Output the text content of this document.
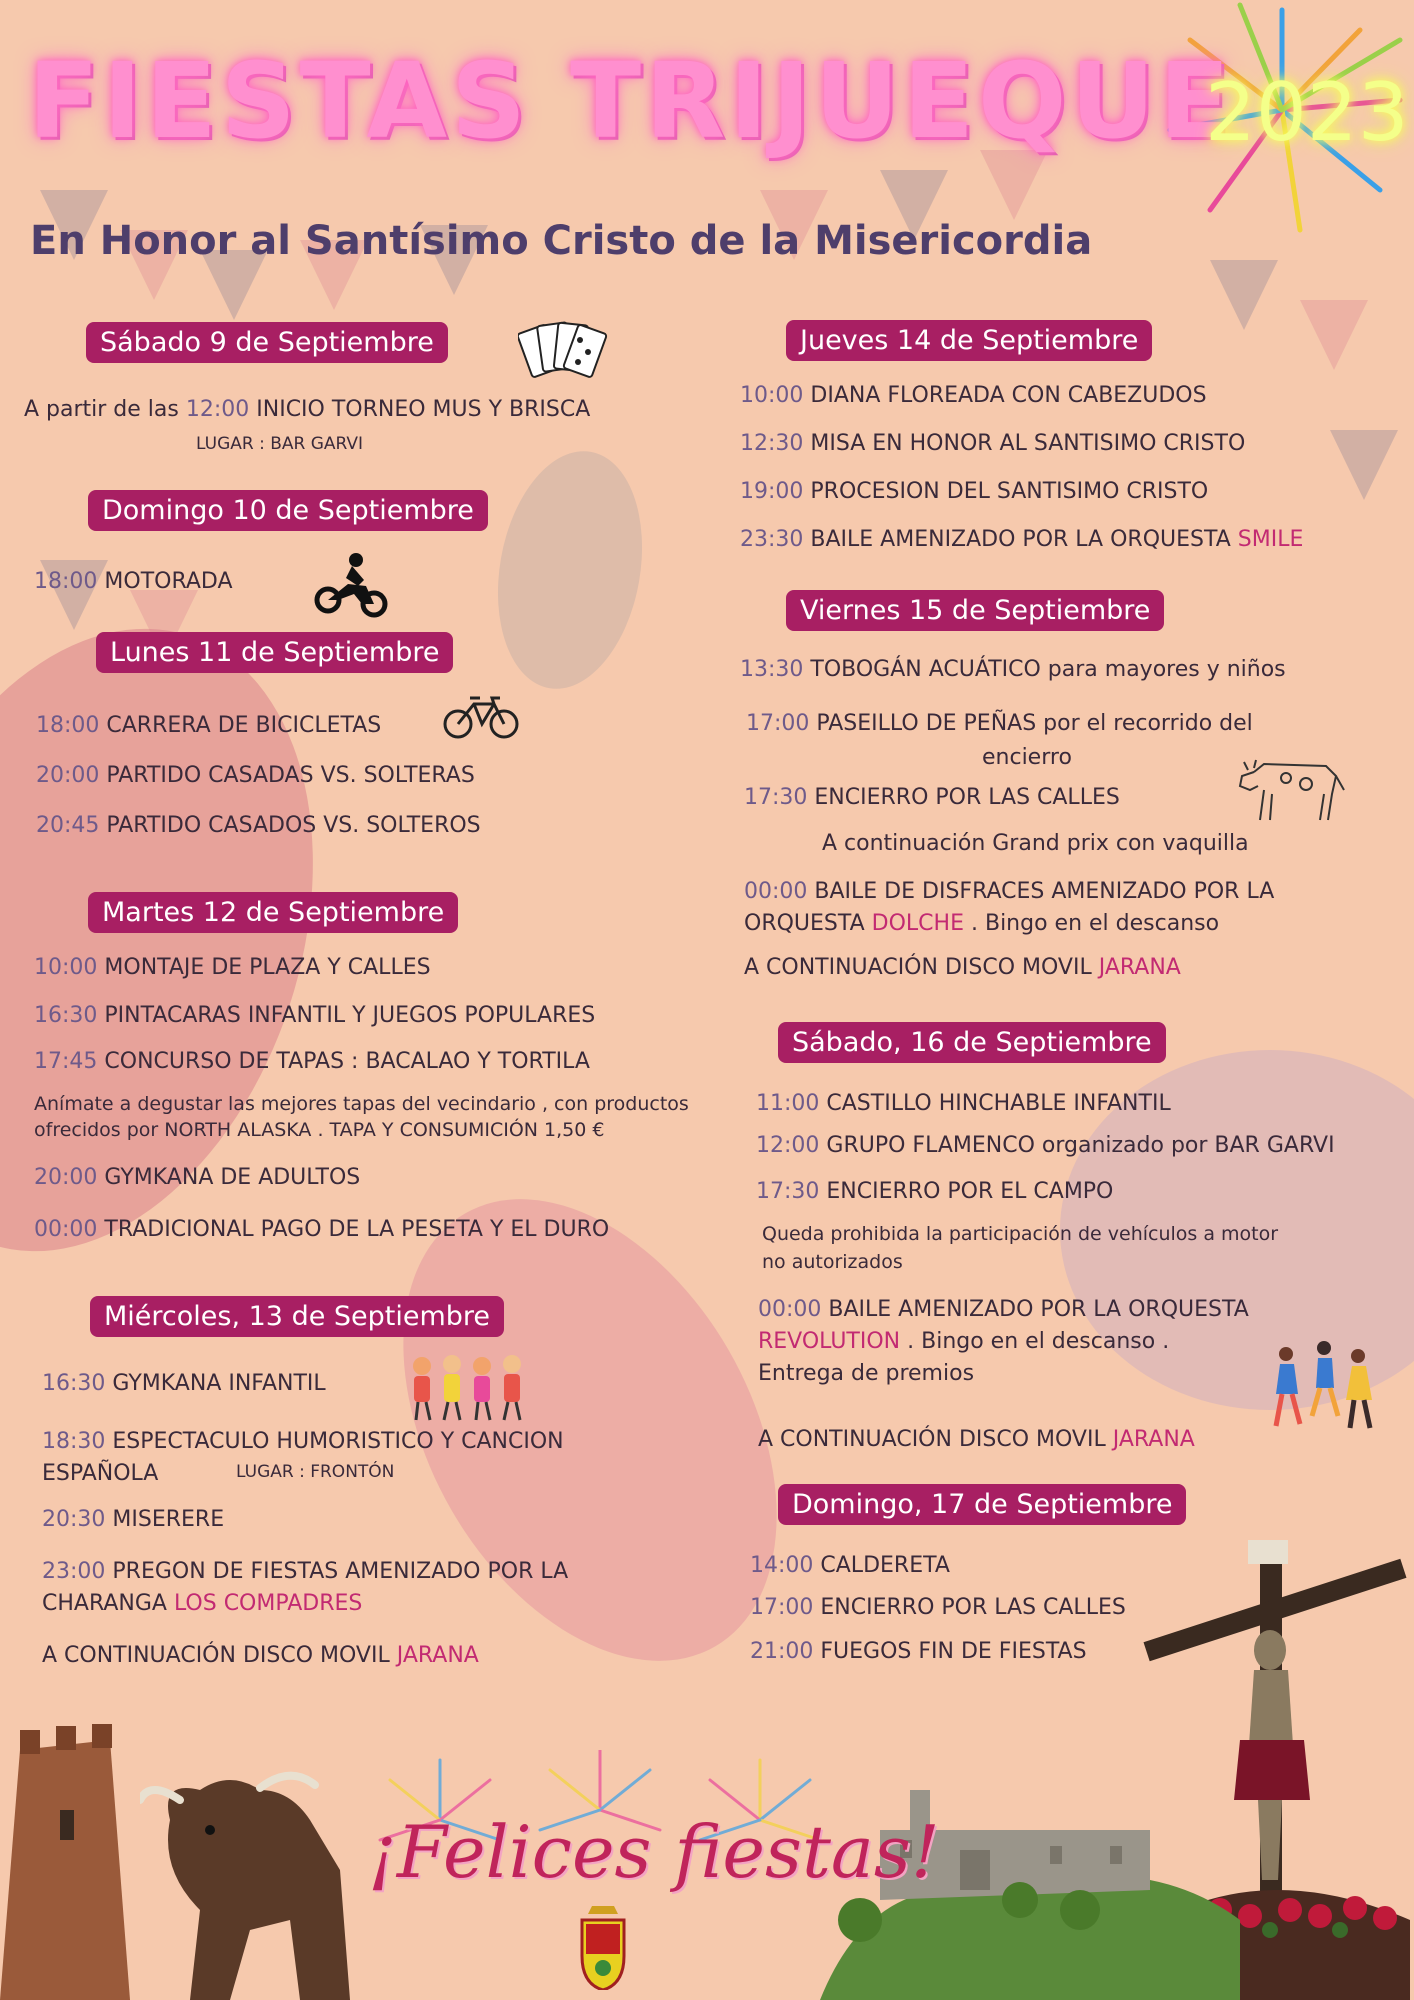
FIESTAS TRIJUEQUE
2023
En Honor al Santísimo Cristo de la Misericordia
Sábado 9 de Septiembre
A partir de las 12:00 INICIO TORNEO MUS Y BRISCA
LUGAR : BAR GARVI
Domingo 10 de Septiembre
18:00 MOTORADA
Lunes 11 de Septiembre
18:00 CARRERA DE BICICLETAS
20:00 PARTIDO CASADAS VS. SOLTERAS
20:45 PARTIDO CASADOS VS. SOLTEROS
Martes 12 de Septiembre
10:00 MONTAJE DE PLAZA Y CALLES
16:30 PINTACARAS INFANTIL Y JUEGOS POPULARES
17:45 CONCURSO DE TAPAS : BACALAO Y TORTILA
Anímate a degustar las mejores tapas del vecindario , con productos
ofrecidos por NORTH ALASKA . TAPA Y CONSUMICIÓN 1,50 €
20:00 GYMKANA DE ADULTOS
00:00 TRADICIONAL PAGO DE LA PESETA Y EL DURO
Miércoles, 13 de Septiembre
16:30 GYMKANA INFANTIL
18:30 ESPECTACULO HUMORISTICO Y CANCION
ESPAÑOLA	LUGAR : FRONTÓN
20:30 MISERERE
23:00 PREGON DE FIESTAS AMENIZADO POR LA
CHARANGA LOS COMPADRES
A CONTINUACIÓN DISCO MOVIL JARANA
Jueves 14 de Septiembre
10:00 DIANA FLOREADA CON CABEZUDOS
12:30 MISA EN HONOR AL SANTISIMO CRISTO
19:00 PROCESION DEL SANTISIMO CRISTO
23:30 BAILE AMENIZADO POR LA ORQUESTA SMILE
Viernes 15 de Septiembre
13:30 TOBOGÁN ACUÁTICO para mayores y niños
17:00 PASEILLO DE PEÑAS por el recorrido del
encierro
17:30 ENCIERRO POR LAS CALLES
A continuación Grand prix con vaquilla
00:00 BAILE DE DISFRACES AMENIZADO POR LA
ORQUESTA DOLCHE . Bingo en el descanso
A CONTINUACIÓN DISCO MOVIL JARANA
Sábado, 16 de Septiembre
11:00 CASTILLO HINCHABLE INFANTIL
12:00 GRUPO FLAMENCO organizado por BAR GARVI
17:30 ENCIERRO POR EL CAMPO
Queda prohibida la participación de vehículos a motor
no autorizados
00:00 BAILE AMENIZADO POR LA ORQUESTA
REVOLUTION . Bingo en el descanso .
Entrega de premios
A CONTINUACIÓN DISCO MOVIL JARANA
Domingo, 17 de Septiembre
14:00 CALDERETA
17:00 ENCIERRO POR LAS CALLES
21:00 FUEGOS FIN DE FIESTAS
¡Felices fiestas!
